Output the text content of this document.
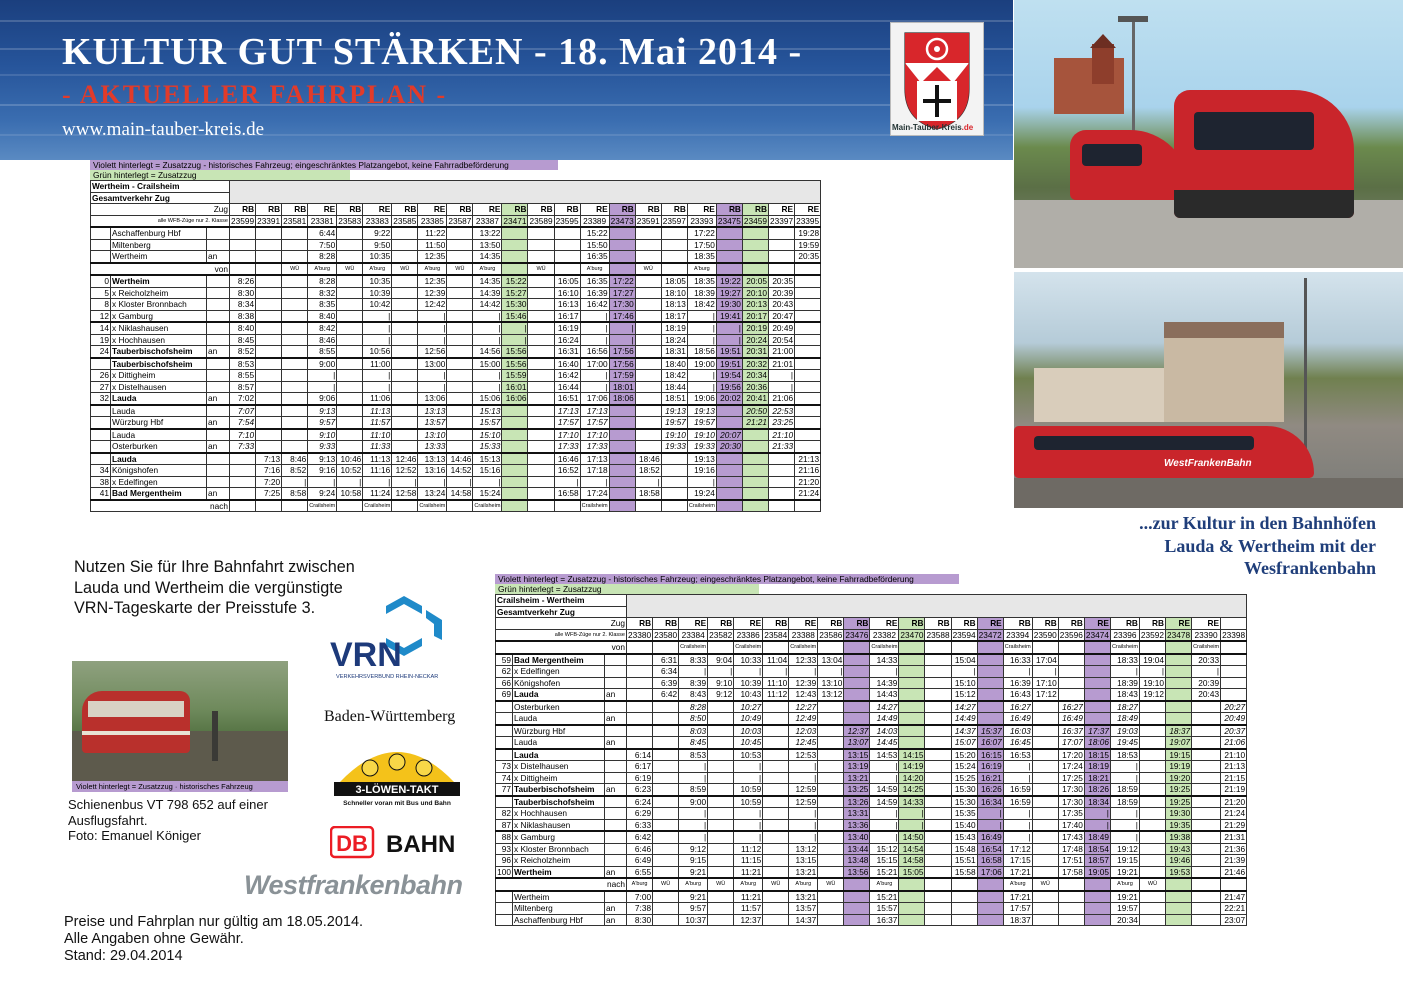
KULTUR GUT STÄRKEN - 18. Mai 2014 -
- AKTUELLER FAHRPLAN -
www.main-tauber-kreis.de	Main-Tauber-Kreis.de
WestFrankenBahn
...zur Kultur in den Bahnhöfen
Lauda & Wertheim mit der
Wesfrankenbahn
Violett hinterlegt = Zusatzzug - historisches Fahrzeug; eingeschränktes Platzangebot, keine Fahrradbeförderung
Grün hinterlegt = Zusatzzug
Wertheim - Crailsheim																								
Gesamtverkehr Zug																								
Zug			RB	RB	RB	RE	RB	RE	RB	RE	RB	RE	RB	RB	RB	RE	RB	RB	RB	RE	RB	RB	RE	RE
alle WFB-Züge nur 2. Klasse			23599	23391	23581	23381	23583	23383	23585	23385	23587	23387	23471	23589	23595	23389	23473	23591	23597	23393	23475	23459	23397	23395
	Aschaffenburg Hbf					6:44		9:22		11:22		13:22				15:22				17:22				19:28
	Miltenberg					7:50		9:50		11:50		13:50				15:50				17:50				19:59
	Wertheim	an				8:28		10:35		12:35		14:35				16:35				18:35				20:35
von					WÜ	A'burg	WÜ	A'burg	WÜ	A'burg	WÜ	A'burg		WÜ		A'burg		WÜ		A'burg				
0	Wertheim		8:26			8:28		10:35		12:35		14:35	15:22		16:05	16:35	17:22		18:05	18:35	19:22	20:05	20:35	
5	x Reicholzheim		8:30			8:32		10:39		12:39		14:39	15:27		16:10	16:39	17:27		18:10	18:39	19:27	20:10	20:39	
8	x Kloster Bronnbach		8:34			8:35		10:42		12:42		14:42	15:30		16:13	16:42	17:30		18:13	18:42	19:30	20:13	20:43	
12	x Gamburg		8:38			8:40		|		|		|	15:46		16:17	|	17:46		18:17	|	19:41	20:17	20:47	
14	x Niklashausen		8:40			8:42		|		|		|	|		16:19	|	|		18:19	|	|	20:19	20:49	
19	x Hochhausen		8:45			8:46		|		|		|	|		16:24	|	|		18:24	|	|	20:24	20:54	
24	Tauberbischofsheim	an	8:52			8:55		10:56		12:56		14:56	15:56		16:31	16:56	17:56		18:31	18:56	19:51	20:31	21:00	
	Tauberbischofsheim		8:53			9:00		11:00		13:00		15:00	15:56		16:40	17:00	17:56		18:40	19:00	19:51	20:32	21:01	
26	x Dittigheim		8:55			|		|		|		|	15:59		16:42	|	17:59		18:42	|	19:54	20:34	|	
27	x Distelhausen		8:57			|		|		|		|	16:01		16:44	|	18:01		18:44	|	19:56	20:36	|	
32	Lauda	an	7:02			9:06		11:06		13:06		15:06	16:06		16:51	17:06	18:06		18:51	19:06	20:02	20:41	21:06	
	Lauda		7:07			9:13		11:13		13:13		15:13			17:13	17:13			19:13	19:13		20:50	22:53	
	Würzburg Hbf	an	7:54			9:57		11:57		13:57		15:57			17:57	17:57			19:57	19:57		21:21	23:25	
	Lauda		7:10			9:10		11:10		13:10		15:10			17:10	17:10			19:10	19:10	20:07		21:10	
	Osterburken	an	7:33			9:33		11:33		13:33		15:33			17:33	17:33			19:33	19:33	20:30		21:33	
	Lauda			7:13	8:46	9:13	10:46	11:13	12:46	13:13	14:46	15:13			16:46	17:13		18:46		19:13				21:13
34	Königshofen			7:16	8:52	9:16	10:52	11:16	12:52	13:16	14:52	15:16			16:52	17:18		18:52		19:16				21:16
38	x Edelfingen			7:20	|	|	|	|	|	|	|	|			|	|		|		|				21:20
41	Bad Mergentheim	an		7:25	8:58	9:24	10:58	11:24	12:58	13:24	14:58	15:24			16:58	17:24		18:58		19:24				21:24
nach						Crailsheim		Crailsheim		Crailsheim		Crailsheim				Crailsheim				Crailsheim				
Violett hinterlegt = Zusatzzug - historisches Fahrzeug; eingeschränktes Platzangebot, keine Fahrradbeförderung
Grün hinterlegt = Zusatzzug
Crailsheim - Wertheim																									
Gesamtverkehr Zug																									
Zug			RB	RB	RE	RB	RE	RB	RE	RB	RB	RE	RB	RB	RB	RE	RB	RB	RB	RE	RB	RB	RE	RE	
alle WFB-Züge nur 2. Klasse			23380	23580	23384	23582	23386	23584	23388	23586	23476	23382	23470	23588	23594	23472	23394	23590	23596	23474	23396	23592	23478	23390	23398
von					Crailsheim		Crailsheim		Crailsheim			Crailsheim					Crailsheim				Crailsheim			Crailsheim	
59	Bad Mergentheim			6:31	8:33	9:04	10:33	11:04	12:33	13:04		14:33			15:04		16:33	17:04			18:33	19:04		20:33	
62	x Edelfingen			6:34	|	|	|	|	|	|		|			|		|	|			|	|		|	
66	Königshofen			6:39	8:39	9:10	10:39	11:10	12:39	13:10		14:39			15:10		16:39	17:10			18:39	19:10		20:39	
69	Lauda	an		6:42	8:43	9:12	10:43	11:12	12:43	13:12		14:43			15:12		16:43	17:12			18:43	19:12		20:43	
	Osterburken				8:28		10:27		12:27			14:27			14:27		16:27		16:27		18:27				20:27
	Lauda	an			8:50		10:49		12:49			14:49			14:49		16:49		16:49		18:49				20:49
	Würzburg Hbf				8:03		10:03		12:03		12:37	14:03			14:37	15:37	16:03		16:37	17:37	19:03		18:37		20:37
	Lauda	an			8:45		10:45		12:45		13:07	14:45			15:07	16:07	16:45		17:07	18:06	19:45		19:07		21:06
	Lauda		6:14		8:53		10:53		12:53		13:15	14:53	14:15		15:20	16:15	16:53		17:20	18:15	18:53		19:15		21:10
73	x Distelhausen		6:17		|		|		|		13:19	|	14:19		15:24	16:19	|		17:24	18:19	|		19:19		21:13
74	x Dittigheim		6:19		|		|		|		13:21	|	14:20		15:25	16:21	|		17:25	18:21	|		19:20		21:15
77	Tauberbischofsheim	an	6:23		8:59		10:59		12:59		13:25	14:59	14:25		15:30	16:26	16:59		17:30	18:26	18:59		19:25		21:19
	Tauberbischofsheim		6:24		9:00		10:59		12:59		13:26	14:59	14:33		15:30	16:34	16:59		17:30	18:34	18:59		19:25		21:20
82	x Hochhausen		6:29		|		|		|		13:31	|	|		15:35	|	|		17:35	|	|		19:30		21:24
87	x Niklashausen		6:33		|		|		|		13:36	|	|		15:40	|	|		17:40	|	|		19:35		21:29
88	x Gamburg		6:42		|		|		|		13:40	|	14:50		15:43	16:49	|		17:43	18:49	|		19:38		21:31
93	x Kloster Bronnbach		6:46		9:12		11:12		13:12		13:44	15:12	14:54		15:48	16:54	17:12		17:48	18:54	19:12		19:43		21:36
96	x Reicholzheim		6:49		9:15		11:15		13:15		13:48	15:15	14:58		15:51	16:58	17:15		17:51	18:57	19:15		19:46		21:39
100	Wertheim	an	6:55		9:21		11:21		13:21		13:56	15:21	15:05		15:58	17:06	17:21		17:58	19:05	19:21		19:53		21:46
nach			A'burg	WÜ	A'burg	WÜ	A'burg	WÜ	A'burg	WÜ		A'burg					A'burg	WÜ			A'burg	WÜ			
	Wertheim		7:00		9:21		11:21		13:21			15:21					17:21				19:21				21:47
	Miltenberg	an	7:38		9:57		11:57		13:57			15:57					17:57				19:57				22:21
	Aschaffenburg Hbf	an	8:30		10:37		12:37		14:37			16:37					18:37				20:34				23:07
Nutzen Sie für Ihre Bahnfahrt zwischen
Lauda und Wertheim die vergünstigte
VRN-Tageskarte der Preisstufe 3.
Violett hinterlegt = Zusatzzug · historisches Fahrzeug
Schienenbus VT 798 652 auf einer
Ausflugsfahrt.
Foto: Emanuel Königer
Preise und Fahrplan nur gültig am 18.05.2014.
Alle Angaben ohne Gewähr.
Stand: 29.04.2014
VRN
VERKEHRSVERBUND RHEIN-NECKAR
Baden-Württemberg
3-LÖWEN-TAKT
Schneller voran mit Bus und Bahn
DB BAHN
Westfrankenbahn
